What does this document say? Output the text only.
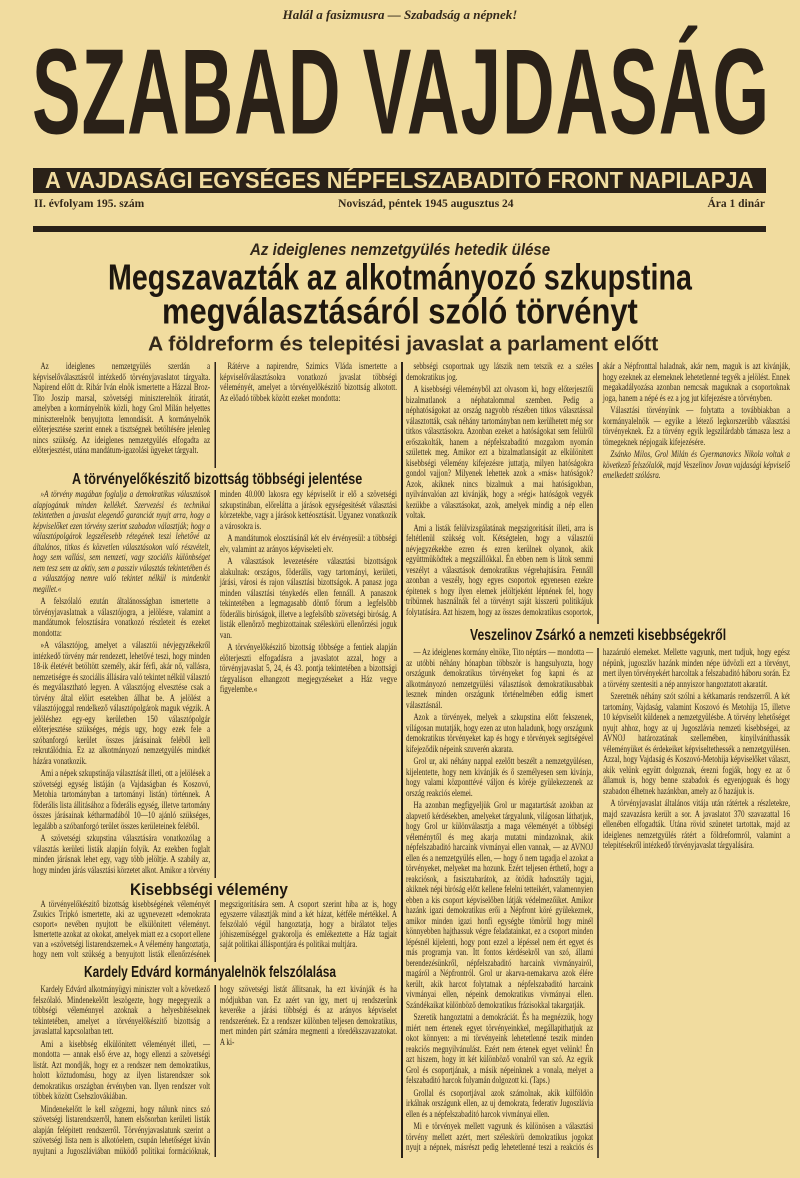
Halál a fasizmusra — Szabadság a népnek!
SZABAD VAJDASÁG
A VAJDASÁGI EGYSÉGES NÉPFELSZABADITÓ FRONT NAPILAPJA
II. évfolyam 195. szám	Noviszád, péntek 1945 augusztus 24	Ára 1 dinár
Az ideiglenes nemzetgyülés hetedik ülése
Megszavazták az alkotmányozó szkupstina
megválasztásáról szóló törvényt
A földreform és telepitési javaslat a parlament előtt

Az ideiglenes nemzetgyülés szerdán a képviselőválasztásról intézkedő törvényjavaslatot tárgyalta. Napirend előtt dr. Ribár Iván elnök ismertette a Házzal Broz-Tito Joszip marsal, szövetségi miniszterelnök átiratát, amelyben a kormányelnök közli, hogy Grol Milán helyettes miniszterelnök benyujtotta lemondását. A kormányelnök előterjesztése szerint ennek a tisztségnek betöltésére jelenleg nincs szükség. Az ideiglenes nemzetgyülés elfogadta az előterjesztést, utána mandátum-igazolási ügyeket tárgyalt.

Rátérve a napirendre, Szimics Vláda ismertette a képviselőválasztásokra vonatkozó javaslat többségi véleményét, amelyet a törvényelőkészitő bizottság alkotott. Az előadó többek között ezeket mondotta:

A törvényelőkészitő bizottság többségi jelentése

»A törvény magában foglalja a demokratikus választások alapjogának minden kellékét. Szervezési és technikai tekintetben a javaslat elegendő garanciát nyujt arra, hogy a képviselőket ezen törvény szerint szabadon választják; hogy a választópolgárok legszélesebb rétegének teszi lehetővé az általános, titkos és közvetlen választásokon való részvételt, hogy sem vallási, sem nemzeti, vagy szociális különbséget nem tesz sem az aktiv, sem a passziv választás tekintetében és a választójog nemre való tekintet nélkül is mindenkit megillet.«

A felszólaló ezután általánosságban ismertette a törvényjavaslatnak a választójogra, a jelölésre, valamint a mandátumok felosztására vonatkozó részleteit és ezeket mondotta:

»A választójog, amelyet a választói névjegyzékekről intézkedő törvény már rendezett, lehetővé teszi, hogy minden 18-ik életévét betöltött személy, akár férfi, akár nő, vallásra, nemzetiségre és szociális állására való tekintet nélkül választó és megválasztható legyen. A választójog elvesztése csak a törvény által előirt esetekben állhat be. A jelölést a választójoggal rendelkező választópolgárok maguk végzik. A jelöléshez egy-egy kerületben 150 választópolgár előterjesztése szükséges, mégis ugy, hogy ezek fele a szóbanforgó kerület összes járásainak feléből kell rekrutálódnia. Ez az alkotmányozó nemzetgyülés mindkét házára vonatkozik.

Ami a népek szkupstinája választását illeti, ott a jelölések a szövetségi egység listáján (a Vajdaságban és Koszovó, Metohia tartományban a tartományi listán) történnek. A föderális lista állitásához a föderális egység, illetve tartomány összes járásainak kétharmadából 10—10 ajánló szükséges, legalább a szóbanforgó terület összes kerületeinek feléből.

A szövetségi szkupstina választására vonatkozólag a választás kerületi listák alapján folyik. Az ezekben foglalt minden járásnak lehet egy, vagy több jelöltje. A szabály az, hogy minden járás választási körzetet alkot. Amikor a törvény minden 40.000 lakosra egy képviselőt ir elő a szövetségi szkupstinában, előrelátta a járások egységesitését választási körzetekbe, vagy a járások kettéosztását. Ugyanez vonatkozik a városokra is.

A mandátumok elosztásánál két elv érvényesül: a többségi elv, valamint az arányos képviseleti elv.

A választások levezetésére választási bizottságok alakulnak: országos, föderális, vagy tartományi, kerületi, járási, városi és rajon választási bizottságok. A panasz joga minden választási ténykedés ellen fennáll. A panaszok tekintetében a legmagasabb döntő fórum a legfelsőbb föderális biróságok, illetve a legfelsőbb szövetségi biróság. A listák ellenőrző megbizottainak széleskörü ellenőrzési joguk van.

A törvényelőkészitő bizottság többsége a fentiek alapján előterjeszti elfogadásra a javaslatot azzal, hogy a törvényjavaslat 5, 24, és 43. pontja tekintetében a bizottsági tárgyaláson elhangzott megjegyzéseket a Ház vegye figyelembe.«

Kisebbségi vélemény

A törvényelőkészitő bizottság kisebbségének véleményét Zsukics Tripkó ismertette, aki az ugynevezett »demokrata csoport« nevében nyujtott be elkülönitett véleményt. Ismertette azokat az okokat, amelyek miatt ez a csoport ellene van a »szövetségi listarendszernek.« A vélemény hangoztatja, hogy nem volt szükség a benyujtott listák ellenőrzésének megszigoritására sem. A csoport szerint hiba az is, hogy egyszerre választják mind a két házat, kétféle mértékkel. A felszólaló végül hangoztatja, hogy a birálatot teljes jóhiszemüséggel gyakorolja és emlékeztette a Ház tagjait saját politikai álláspontjára és politikai multjára.

Kardely Edvárd kormányalelnök felszólalása

Kardely Edvárd alkotmányügyi miniszter volt a következő felszólaló. Mindenekelőtt leszögezte, hogy megegyezik a többségi véleménnyel azoknak a helyesbitéseknek tekintetében, amelyet a törvényelőkészitő bizottság a javaslattal kapcsolatban tett.

Ami a kisebbség elkülönitett véleményét illeti, — mondotta — annak első érve az, hogy ellenzi a szövetségi listát. Azt mondják, hogy ez a rendszer nem demokratikus, holott köztudomásu, hogy az ilyen listarendszer sok demokratikus országban érvényben van. Ilyen rendszer volt többek között Csehszlovákiában.

Mindenekelőtt le kell szögezni, hogy nálunk nincs szó szövetségi listarendszerről, hanem elsősorban kerületi listák alapján felépitett rendszerről. Törvényjavaslatunk szerint a szövetségi lista nem is alkotóelem, csupán lehetőséget kiván nyujtani a Jugoszláviában müködő politikai formációknak, hogy szövetségi listát állitsanak, ha ezt kivánják és ha módjukban van. Ez azért van igy, mert uj rendszerünk keveréke a járási többségi és az arányos képviselet rendszerének. Ez a rendszer különben teljesen demokratikus, mert minden párt számára megmenti a töredékszavazatokat. A ki-

sebbségi csoportnak ugy látszik nem tetszik ez a széles demokratikus jog.

A kisebbségi véleményből azt olvasom ki, hogy előterjesztői bizalmatlanok a néphatalommal szemben. Pedig a néphatóságokat az ország nagyobb részében titkos választással választották, csak néhány tartományban nem kerülhetett még sor titkos választásokra. Azonban ezeket a hatóságokat sem felülről erőszakolták, hanem a népfelszabaditó mozgalom nyomán születtek meg. Amikor ezt a bizalmatlanságát az elkülönitett kisebbségi vélemény kifejezésre juttatja, milyen hatóságokra gondol vajjon? Milyenek lehettek azok a »más« hatóságok? Azok, akiknek nincs bizalmuk a mai hatóságokban, nyilvánvalóan azt kivánják, hogy a »régi« hatóságok vegyék kezükbe a választásokat, azok, amelyek mindig a nép ellen voltak.

Ami a listák felülvizsgálatának megszigoritását illeti, arra is feltétlenül szükség volt. Kétségtelen, hogy a választói névjegyzékekbe ezren és ezren kerülnek olyanok, akik együttmüködtek a megszállókkal. Én ebben nem is látok semmi veszélyt a választások demokratikus végrehajtására. Fennáll azonban a veszély, hogy egyes csoportok egyenesen ezekre épitenek s hogy ilyen elemek jelöltjeként lépnének fel, hogy tribünnek használnák fel a törvényt saját kisszerü politikájuk folytatására. Azt hiszem, hogy az összes demokratikus csoportok, akár a Népfronttal haladnak, akár nem, maguk is azt kivánják, hogy ezeknek az elemeknek lehetetlenné tegyék a jelölést. Ennek megakadályozása azonban nemcsak maguknak a csoportoknak joga, hanem a népé és ez a jog jut kifejezésre a törvényben.

Választási törvényünk — folytatta a továbbiakban a kormányalelnök — egyike a létező legkorszerübb választási törvényeknek. Ez a törvény egyik legszilárdabb támasza lesz a tömegeknek népjogaik kifejezésére.

Zsánko Milos, Grol Milán és Gyermanovics Nikola voltak a következő felszólalók, majd Veszelinov Jovan vajdasági képviselő emelkedett szólásra.

Veszelinov Zsárkó a nemzeti kisebbségekről

— Az ideiglenes kormány elnöke, Tito néptárs — mondotta — az utóbbi néhány hónapban többször is hangsulyozta, hogy országunk demokratikus törvényeket fog kapni és az alkotmányozó nemzetgyülési választások demokratikusabbak lesznek minden országunk történelmében eddig ismert választásnál.

Azok a törvények, melyek a szkupstina előtt fekszenek, világosan mutatják, hogy ezen az uton haladunk, hogy országunk demokratikus törvényeket kap és hogy e törvények segitségével kifejeződik népeink szuverén akarata.

Grol ur, aki néhány nappal ezelőtt beszélt a nemzetgyülésen, kijelentette, hogy nem kivánják és ő személyesen sem kivánja, hogy valami központtévé váljon és köréje gyülekezzenek az ország reakciós elemei.

Ha azonban megfigyeljük Grol ur magatartását azokban az alapvető kérdésekben, amelyeket tárgyalunk, világosan láthatjuk, hogy Grol ur különválasztja a maga véleményét a többségi véleménytől és meg akarja mutatni mindazoknak, akik népfelszabaditó harcaink vivmányai ellen vannak, — az AVNOJ ellen és a nemzetgyülés ellen, — hogy ő nem tagadja el azokat a törvényeket, melyeket ma hozunk. Ezért teljesen érthető, hogy a reakciósok, a fasisztabarátok, az ötödik hadosztály tagjai, akiknek népi biróság előtt kellene felelni tetteikért, valamennyien ebben a kis csoport képviselőben látják védelmezőiket. Amikor hazánk igazi demokratikus erői a Népfront köré gyülekeznek, amikor minden igazi honfi egységbe tömörül hogy minél könnyebben hajthassuk végre feladatainkat, ez a csoport minden lépésnél kijelenti, hogy pont ezzel a lépéssel nem ért egyet és más programja van. Itt fontos kérdésekről van szó, állami berendezésünkről, népfelszabaditó harcaink vivmányairól, magáról a Népfrontról. Grol ur akarva-nemakarva azok élére került, akik harcot folytatnak a népfelszabaditó harcaink vivmányai ellen, népeink demokratikus vivmányai ellen. Szándékaikat különböző demokratikus frázisokkal takargatják.

Szeretik hangoztatni a demokráciát. És ha megnézzük, hogy miért nem értenek egyet törvényeinkkel, megállapithatjuk az okot könnyen: a mi törvényeink lehetetlenné teszik minden reakciós megnyilvánulást. Ezért nem értenek egyet velünk! Én azt hiszem, hogy itt két különböző vonalról van szó. Az egyik Grol és csoportjának, a másik népeinknek a vonala, melyet a felszabaditó harcok folyamán dolgozott ki. (Taps.)

Grollal és csoportjával azok számolnak, akik külföldön irkálnak országunk ellen, az uj demokrata, federativ Jugoszlávia ellen és a népfelszabaditó harcok vivmányai ellen.

Mi e törvények mellett vagyunk és különösen a választási törvény mellett azért, mert széleskörü demokratikus jogokat nyujt a népnek, másrészt pedig lehetetlenné teszi a reakciós és hazaáruló elemeket. Mellette vagyunk, mert tudjuk, hogy egész népünk, jugoszláv hazánk minden népe üdvözli ezt a törvényt, mert ilyen törvényekért harcoltak a felszabaditó háboru során. Ez a törvény szentesiti a nép annyiszor hangoztatott akaratát.

Szeretnék néhány szót szólni a kétkamarás rendszerről. A két tartomány, Vajdaság, valamint Koszovó és Metohija 15, illetve 10 képviselőt küldenek a nemzetgyülésbe. A törvény lehetőséget nyujt ahhoz, hogy az uj Jugoszlávia nemzeti kisebbségei, az AVNOJ határozatának szellemében, kinyilváníthassák véleményüket és érdekeiket képviseltethessék a nemzetgyülésen. Azzal, hogy Vajdaság és Koszovó-Metohija képviselőket választ, akik velünk együtt dolgoznak, érezni fogják, hogy ez az ő államuk is, hogy benne szabadok és egyenjoguak és hogy szabadon élhetnek hazánkban, amely az ő hazájuk is.

A törvényjavaslat általános vitája után rátértek a részletekre, majd szavazásra került a sor. A javaslatot 370 szavazattal 16 ellenében elfogadták. Utána rövid szünetet tartottak, majd az ideiglenes nemzetgyülés rátért a földreformról, valamint a telepitésekről intézkedő törvényjavaslat tárgyalására.
